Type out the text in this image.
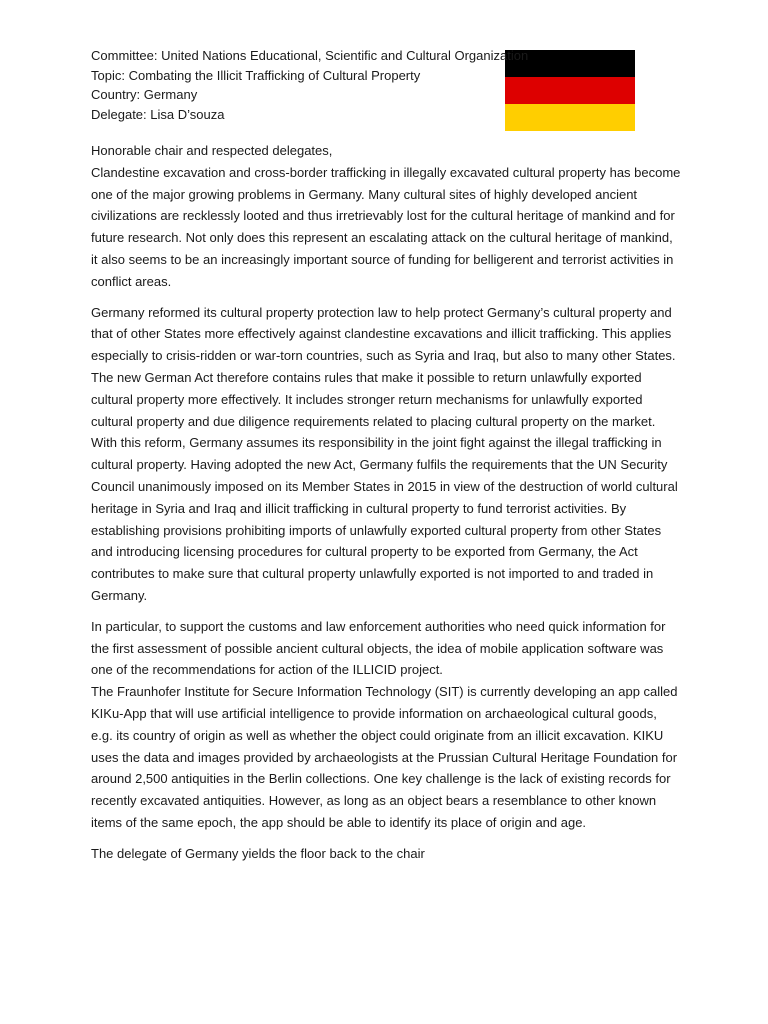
Committee: United Nations Educational, Scientific and Cultural Organization
Topic: Combating the Illicit Trafficking of Cultural Property
Country: Germany
Delegate: Lisa D’souza

Honorable chair and respected delegates,
Clandestine excavation and cross-border trafficking in illegally excavated cultural property has become one of the major growing problems in Germany. Many cultural sites of highly developed ancient civilizations are recklessly looted and thus irretrievably lost for the cultural heritage of mankind and for future research. Not only does this represent an escalating attack on the cultural heritage of mankind, it also seems to be an increasingly important source of funding for belligerent and terrorist activities in conflict areas.

Germany reformed its cultural property protection law to help protect Germany’s cultural property and that of other States more effectively against clandestine excavations and illicit trafficking. This applies especially to crisis-ridden or war-torn countries, such as Syria and Iraq, but also to many other States. The new German Act therefore contains rules that make it possible to return unlawfully exported cultural property more effectively. It includes stronger return mechanisms for unlawfully exported cultural property and due diligence requirements related to placing cultural property on the market. With this reform, Germany assumes its responsibility in the joint fight against the illegal trafficking in cultural property. Having adopted the new Act, Germany fulfils the requirements that the UN Security Council unanimously imposed on its Member States in 2015 in view of the destruction of world cultural heritage in Syria and Iraq and illicit trafficking in cultural property to fund terrorist activities. By establishing provisions prohibiting imports of unlawfully exported cultural property from other States and introducing licensing procedures for cultural property to be exported from Germany, the Act contributes to make sure that cultural property unlawfully exported is not imported to and traded in Germany.

In particular, to support the customs and law enforcement authorities who need quick information for the first assessment of possible ancient cultural objects, the idea of mobile application software was one of the recommendations for action of the ILLICID project.
The Fraunhofer Institute for Secure Information Technology (SIT) is currently developing an app called KIKu-App that will use artificial intelligence to provide information on archaeological cultural goods, e.g. its country of origin as well as whether the object could originate from an illicit excavation. KIKU uses the data and images provided by archaeologists at the Prussian Cultural Heritage Foundation for around 2,500 antiquities in the Berlin collections. One key challenge is the lack of existing records for recently excavated antiquities. However, as long as an object bears a resemblance to other known items of the same epoch, the app should be able to identify its place of origin and age.

The delegate of Germany yields the floor back to the chair
